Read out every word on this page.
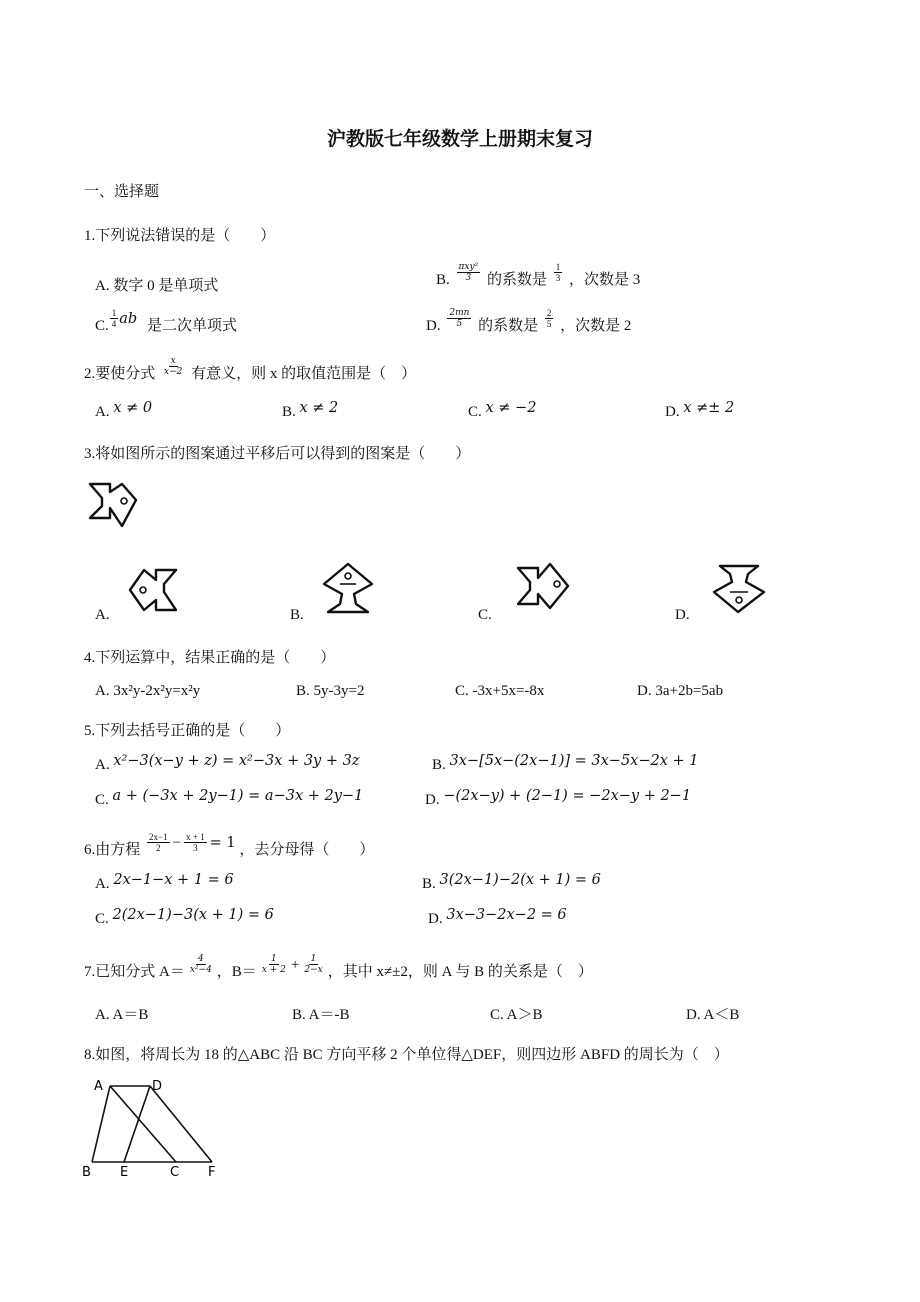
沪教版七年级数学上册期末复习
一、选择题
1.下列说法错误的是（　　）
A. 数字 0 是单项式	B. $\frac{\text{πxy²}}{3}$ 的系数是 $\frac{1}{3}$ ，次数是 3
C. $\frac{1}{4}$ ab 是二次单项式	D. $\frac{2mn}{5}$ 的系数是 $\frac{2}{5}$ ，次数是 2
2.要使分式 $\frac{x}{x-2}$ 有意义，则 x 的取值范围是（　）
A. x ≠ 0	B. x ≠ 2	C. x ≠ −2	D. x ≠± 2
3.将如图所示的图案通过平移后可以得到的图案是（　　）
A.	B.	C.	D.
4.下列运算中，结果正确的是（　　）
A. 3x²y-2x²y=x²y	B. 5y-3y=2	C. -3x+5x=-8x	D. 3a+2b=5ab
5.下列去括号正确的是（　　）
A. x²−3(x−y + z) = x²−3x + 3y + 3z	B. 3x−[5x−(2x−1)] = 3x−5x−2x + 1
C. a + (−3x + 2y−1) = a−3x + 2y−1	D. −(2x−y) + (2−1) = −2x−y + 2−1
6.由方程 $\frac{2x-1}{2} - \frac{x + 1}{3} = 1$ ，去分母得（　　）
A. 2x−1−x + 1 = 6	B. 3(2x−1)−2(x + 1) = 6
C. 2(2x−1)−3(x + 1) = 6	D. 3x−3−2x−2 = 6
7.已知分式 $A= \frac{4}{\text{x²−4}}$ ，$B= \frac{1}{x + 2} + \frac{1}{2-x}$ ，其中 x≠±2，则 A 与 B 的关系是（　）
A. A＝B	B. A＝-B	C. A＞B	D. A＜B
8.如图，将周长为 18 的△ABC 沿 BC 方向平移 2 个单位得△DEF，则四边形 ABFD 的周长为（　）
A	D
B E	C F
